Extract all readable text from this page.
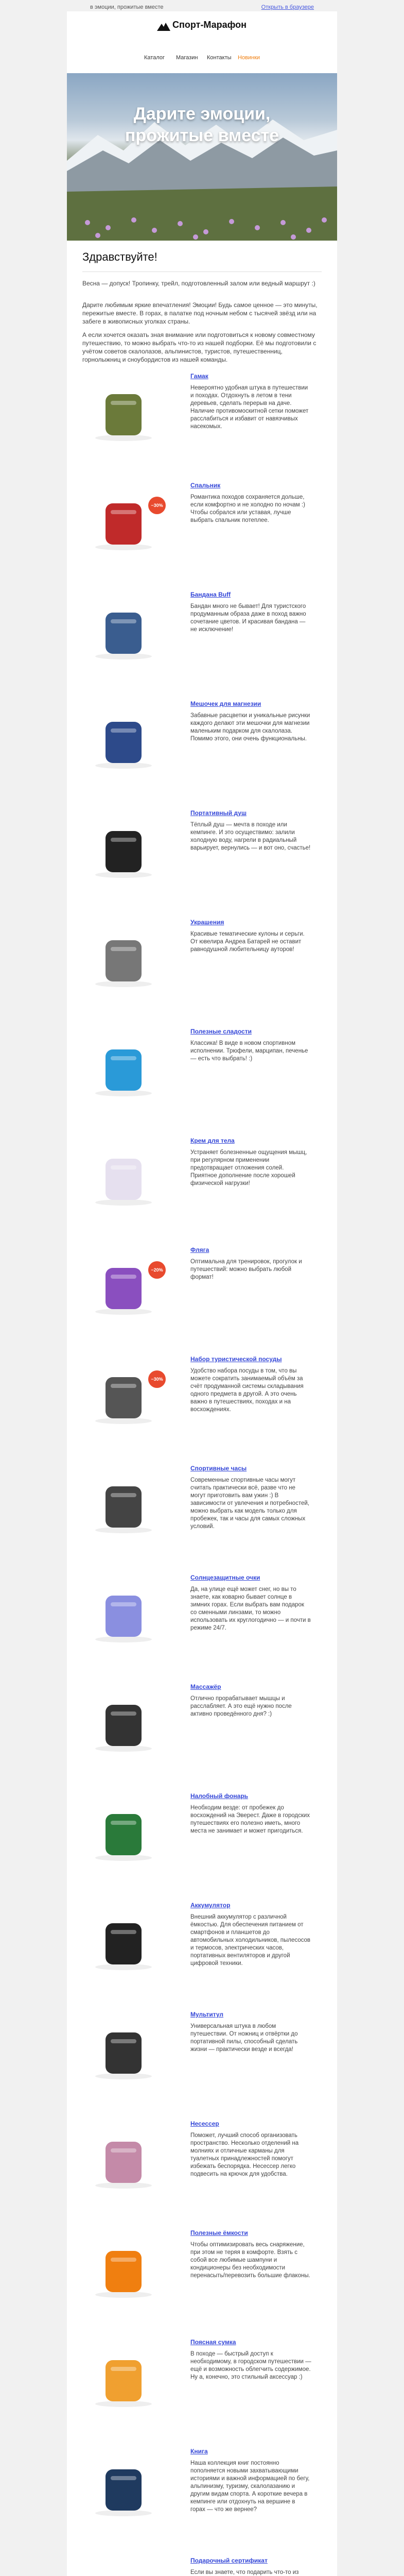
в эмоции, прожитые вместе	Открыть в браузере
Спорт‑Марафон
Каталог Магазин Контакты Новинки
Дарите эмоции,
прожитые вместе
Здравствуйте!

Весна — допуск! Тропинку, трейл, подготовленный залом или ведный маршрут :)

Дарите любимым яркие впечатления! Эмоции! Будь самое ценное — это минуты, пережитые вместе. В горах, в палатке под ночным небом с тысячей звёзд или на забеге в живописных уголках страны.

А если хочется оказать зная внимание или подготовиться к новому совместному путешествию, то можно выбрать что-то из нашей подборки. Её мы подготовили с учётом советов скалолазов, альпинистов, туристов, путешественниц, горнолыжниц и сноубордистов из нашей команды.

Гамак
Невероятно удобная штука в путешествии и походах. Отдохнуть в летом в тени деревьев, сделать перерыв на даче. Наличие противомоскитной сетки поможет расслабиться и избавит от навязчивых насекомых.
−30%
Спальник
Романтика походов сохраняется дольше, если комфортно и не холодно по ночам :) Чтобы собрался или уставая, лучше выбрать спальник потеплее.
Бандана Buff
Бандан много не бывает! Для туристского продуманным образа даже в поход важно сочетание цветов. И красивая бандана — не исключение!
Мешочек для магнезии
Забавные расцветки и уникальные рисунки каждого делают эти мешочки для магнезии маленьким подарком для скалолаза. Помимо этого, они очень функциональны.
Портативный душ
Тёплый душ — мечта в походе или кемпинге. И это осуществимо: залили холодную воду, нагрели в радиальный варьирует, вернулись — и вот оно, счастье!
Украшения
Красивые тематические кулоны и серьги. От ювелира Андреа Батарей не оставит равнодушной любительницу ауторов!
Полезные сладости
Классика! В виде в новом спортивном исполнении. Трюфели, марципан, печенье — есть что выбрать! :)
Крем для тела
Устраняет болезненные ощущения мышц, при регулярном применении предотвращает отложения солей. Приятное дополнение после хорошей физической нагрузки!
−20%
Фляга
Оптимальна для тренировок, прогулок и путешествий: можно выбрать любой формат!
−30%
Набор туристической посуды
Удобство набора посуды в том, что вы можете сократить занимаемый объём за счёт продуманной системы складывания одного предмета в другой. А это очень важно в путешествиях, походах и на восхождениях.
Спортивные часы
Современные спортивные часы могут считать практически всё, разве что не могут приготовить вам ужин :) В зависимости от увлечения и потребностей, можно выбрать как модель только для пробежек, так и часы для самых сложных условий.
Солнцезащитные очки
Да, на улице ещё может снег, но вы то знаете, как коварно бывает солнце в зимних горах. Если выбрать вам подарок со сменными линзами, то можно использовать их круглогодично — и почти в режиме 24/7.
Массажёр
Отлично прорабатывает мышцы и расслабляет. А это ещё нужно после активно проведённого дня? :)
Налобный фонарь
Необходим везде: от пробежек до восхождений на Эверест. Даже в городских путешествиях его полезно иметь, много места не занимает и может пригодиться.
Аккумулятор
Внешний аккумулятор с различной ёмкостью. Для обеспечения питанием от смартфонов и планшетов до автомобильных холодильников, пылесосов и термосов, электрических часов, портативных вентиляторов и другой цифровой техники.
Мультитул
Универсальная штука в любом путешествии. От ножниц и отвёртки до портативной пилы, способный сделать жизни — практически везде и всегда!
Несессер
Поможет, лучший способ организовать пространство. Несколько отделений на молниях и отличные карманы для туалетных принадлежностей помогут избежать беспорядка. Несессер легко подвесить на крючок для удобства.
Полезные ёмкости
Чтобы оптимизировать весь снаряжение, при этом не теряя в комфорте. Взять с собой все любимые шампуни и кондиционеры без необходимости перенасыть/перевозить большие флаконы.
Поясная сумка
В походе — быстрый доступ к необходимому, в городском путешествии — ещё и возможность облегчить содержимое. Ну а, конечно, это стильный аксессуар :)
Книга
Наша коллекция книг постоянно пополняется новыми захватывающими историями и важной информацией по бегу, альпинизму, туризму, скалолазанию и другим видам спорта. А короткие вечера в кемпинге или отдохнуть на вершине в горах — что же вернее?
Подарочный сертификат
Если вы знаете, что подарить что-то из
